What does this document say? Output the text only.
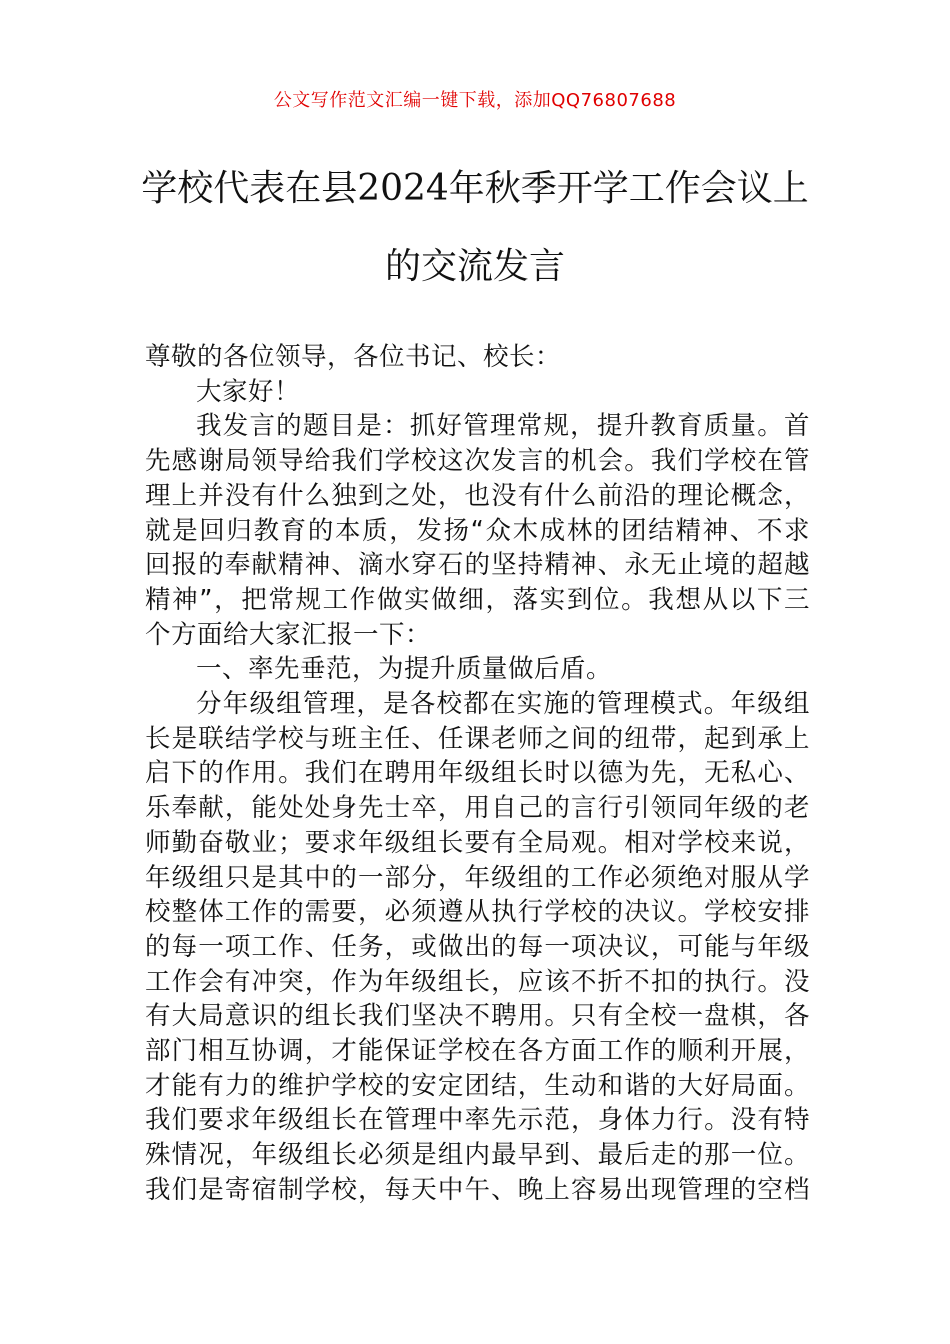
公文写作范文汇编一键下载，添加QQ76807688
学校代表在县2024年秋季开学工作会议上
的交流发言

尊敬的各位领导，各位书记、校长：

大家好！

我发言的题目是：抓好管理常规，提升教育质量。首

先感谢局领导给我们学校这次发言的机会。我们学校在管

理上并没有什么独到之处，也没有什么前沿的理论概念，

就是回归教育的本质，发扬“众木成林的团结精神、不求

回报的奉献精神、滴水穿石的坚持精神、永无止境的超越

精神”，把常规工作做实做细，落实到位。我想从以下三

个方面给大家汇报一下：

一、率先垂范，为提升质量做后盾。

分年级组管理，是各校都在实施的管理模式。年级组

长是联结学校与班主任、任课老师之间的纽带，起到承上

启下的作用。我们在聘用年级组长时以德为先，无私心、

乐奉献，能处处身先士卒，用自己的言行引领同年级的老

师勤奋敬业；要求年级组长要有全局观。相对学校来说，

年级组只是其中的一部分，年级组的工作必须绝对服从学

校整体工作的需要，必须遵从执行学校的决议。学校安排

的每一项工作、任务，或做出的每一项决议，可能与年级

工作会有冲突，作为年级组长，应该不折不扣的执行。没

有大局意识的组长我们坚决不聘用。只有全校一盘棋，各

部门相互协调，才能保证学校在各方面工作的顺利开展，

才能有力的维护学校的安定团结，生动和谐的大好局面。

我们要求年级组长在管理中率先示范，身体力行。没有特

殊情况，年级组长必须是组内最早到、最后走的那一位。

我们是寄宿制学校，每天中午、晚上容易出现管理的空档
